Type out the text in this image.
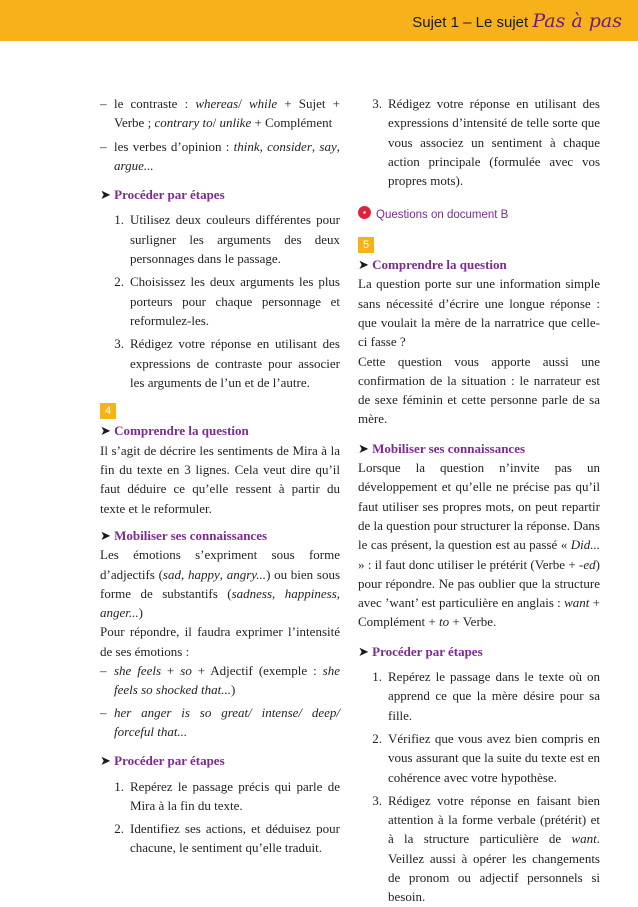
Sujet 1 – Le sujet Pas à pas

– le contraste : whereas/ while + Sujet + Verbe ; contrary to/ unlike + Complément

– les verbes d’opinion : think, consider, say, argue...

➤ Procéder par étapes

1. Utilisez deux couleurs différentes pour surligner les arguments des deux personnages dans le passage.

2. Choisissez les deux arguments les plus porteurs pour chaque personnage et reformulez-les.

3. Rédigez votre réponse en utilisant des expressions de contraste pour associer les arguments de l’un et de l’autre.

4

➤ Comprendre la question

Il s’agit de décrire les sentiments de Mira à la fin du texte en 3 lignes. Cela veut dire qu’il faut déduire ce qu’elle ressent à partir du texte et le reformuler.

➤ Mobiliser ses connaissances

Les émotions s’expriment sous forme d’adjectifs (sad, happy, angry...) ou bien sous forme de substantifs (sadness, happiness, anger...)

Pour répondre, il faudra exprimer l’intensité de ses émotions :

– she feels + so + Adjectif (exemple : she feels so shocked that...)

– her anger is so great/ intense/ deep/ forceful that...

➤ Procéder par étapes

1. Repérez le passage précis qui parle de Mira à la fin du texte.

2. Identifiez ses actions, et déduisez pour chacune, le sentiment qu’elle traduit.

3. Rédigez votre réponse en utilisant des expressions d’intensité de telle sorte que vous associez un sentiment à chaque action principale (formulée avec vos propres mots).

Questions on document B

5

➤ Comprendre la question

La question porte sur une information simple sans nécessité d’écrire une longue réponse : que voulait la mère de la narratrice que celle-ci fasse ?

Cette question vous apporte aussi une confirmation de la situation : le narrateur est de sexe féminin et cette personne parle de sa mère.

➤ Mobiliser ses connaissances

Lorsque la question n’invite pas un développement et qu’elle ne précise pas qu’il faut utiliser ses propres mots, on peut repartir de la question pour structurer la réponse. Dans le cas présent, la question est au passé « Did... » : il faut donc utiliser le prétérit (Verbe + -ed) pour répondre. Ne pas oublier que la structure avec ’want’ est particulière en anglais : want + Complément + to + Verbe.

➤ Procéder par étapes

1. Repérez le passage dans le texte où on apprend ce que la mère désire pour sa fille.

2. Vérifiez que vous avez bien compris en vous assurant que la suite du texte est en cohérence avec votre hypothèse.

3. Rédigez votre réponse en faisant bien attention à la forme verbale (prétérit) et à la structure particulière de want. Veillez aussi à opérer les changements de pronom ou adjectif personnels si besoin.
